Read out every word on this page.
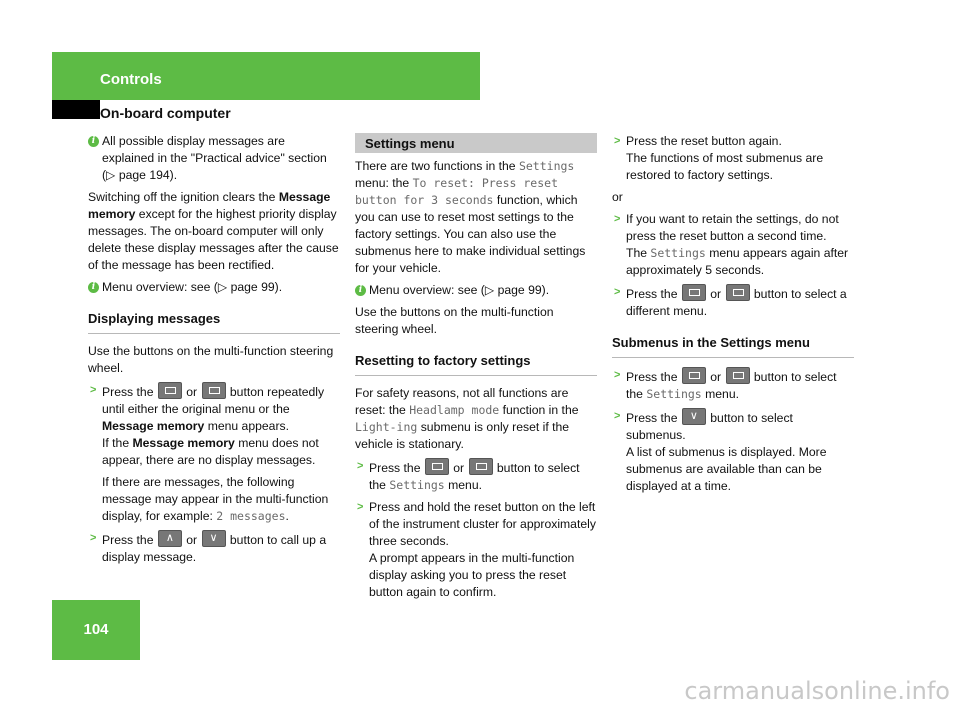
Controls
On-board computer
i All possible display messages are explained in the "Practical advice" section (▷ page 194).

Switching off the ignition clears the Message memory except for the highest priority display messages. The on-board computer will only delete these display messages after the cause of the message has been rectified.

i Menu overview: see (▷ page 99).
Displaying messages

Use the buttons on the multi-function steering wheel.

> Press the	or	button repeatedly until either the original menu or the Message memory menu appears.
If the Message memory menu does not appear, there are no display messages.
If there are messages, the following message may appear in the multi-function display, for example: 2 messages.
> Press the ∧	or ∨	button to call up a display message.
Settings menu

There are two functions in the Settings menu: the To reset: Press reset button for 3 seconds function, which you can use to reset most settings to the factory settings. You can also use the submenus here to make individual settings for your vehicle.

i Menu overview: see (▷ page 99).

Use the buttons on the multi-function steering wheel.

Resetting to factory settings

For safety reasons, not all functions are reset: the Headlamp mode function in the Light-ing submenu is only reset if the vehicle is stationary.

> Press the	or	button to select the Settings menu.
> Press and hold the reset button on the left of the instrument cluster for approximately three seconds.
A prompt appears in the multi-function display asking you to press the reset button again to confirm.
> Press the reset button again.
The functions of most submenus are restored to factory settings.

or

> If you want to retain the settings, do not press the reset button a second time.
The Settings menu appears again after approximately 5 seconds.
> Press the	or	button to select a different menu.
Submenus in the Settings menu
> Press the	or	button to select the Settings menu.
> Press the ∨	button to select submenus.
A list of submenus is displayed. More submenus are available than can be displayed at a time.
104
carmanualsonline.info
